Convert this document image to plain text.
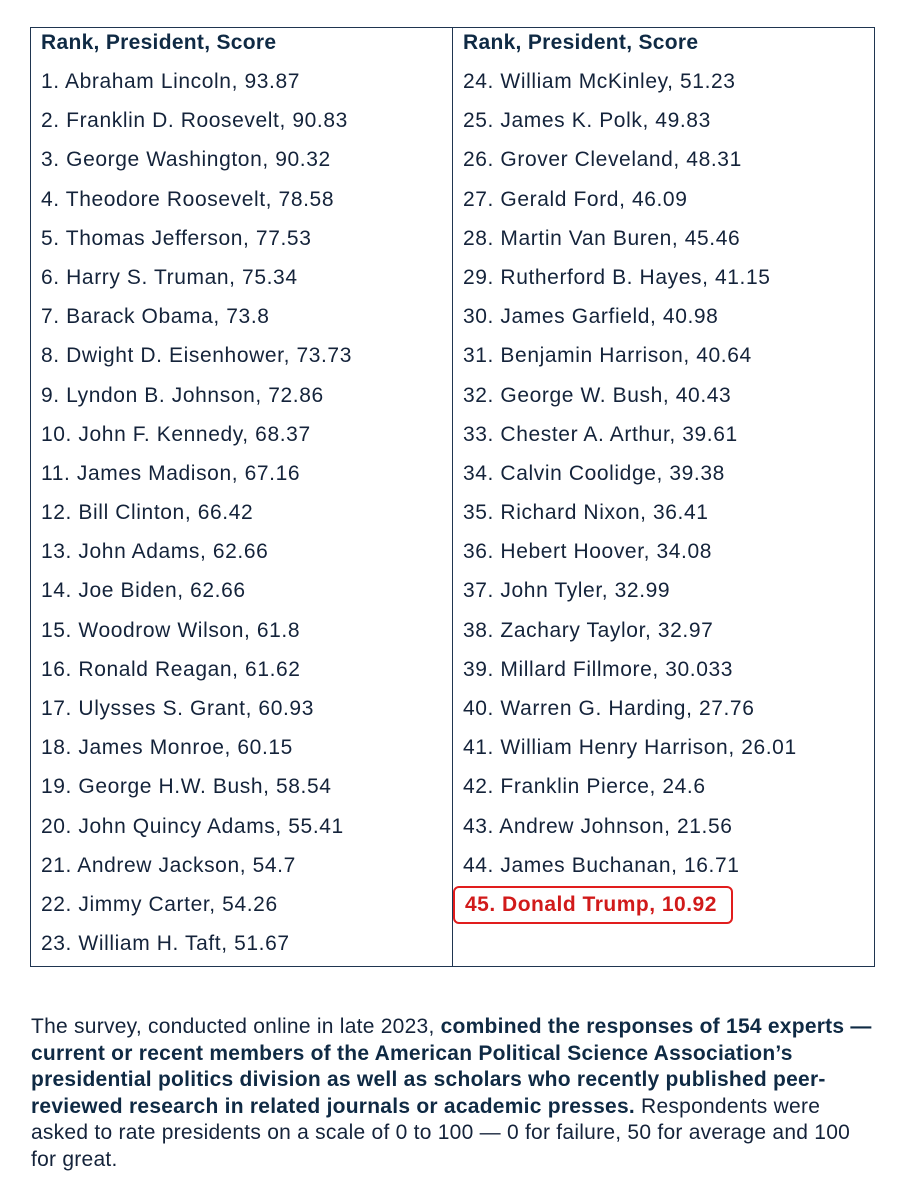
Rank, President, Score
1. Abraham Lincoln, 93.87
2. Franklin D. Roosevelt, 90.83
3. George Washington, 90.32
4. Theodore Roosevelt, 78.58
5. Thomas Jefferson, 77.53
6. Harry S. Truman, 75.34
7. Barack Obama, 73.8
8. Dwight D. Eisenhower, 73.73
9. Lyndon B. Johnson, 72.86
10. John F. Kennedy, 68.37
11. James Madison, 67.16
12. Bill Clinton, 66.42
13. John Adams, 62.66
14. Joe Biden, 62.66
15. Woodrow Wilson, 61.8
16. Ronald Reagan, 61.62
17. Ulysses S. Grant, 60.93
18. James Monroe, 60.15
19. George H.W. Bush, 58.54
20. John Quincy Adams, 55.41
21. Andrew Jackson, 54.7
22. Jimmy Carter, 54.26
23. William H. Taft, 51.67
Rank, President, Score
24. William McKinley, 51.23
25. James K. Polk, 49.83
26. Grover Cleveland, 48.31
27. Gerald Ford, 46.09
28. Martin Van Buren, 45.46
29. Rutherford B. Hayes, 41.15
30. James Garfield, 40.98
31. Benjamin Harrison, 40.64
32. George W. Bush, 40.43
33. Chester A. Arthur, 39.61
34. Calvin Coolidge, 39.38
35. Richard Nixon, 36.41
36. Hebert Hoover, 34.08
37. John Tyler, 32.99
38. Zachary Taylor, 32.97
39. Millard Fillmore, 30.033
40. Warren G. Harding, 27.76
41. William Henry Harrison, 26.01
42. Franklin Pierce, 24.6
43. Andrew Johnson, 21.56
44. James Buchanan, 16.71
45. Donald Trump, 10.92

The survey, conducted online in late 2023, combined the responses of 154 experts — current or recent members of the American Political Science Association’s presidential politics division as well as scholars who recently published peer-reviewed research in related journals or academic presses. Respondents were asked to rate presidents on a scale of 0 to 100 — 0 for failure, 50 for average and 100 for great.
